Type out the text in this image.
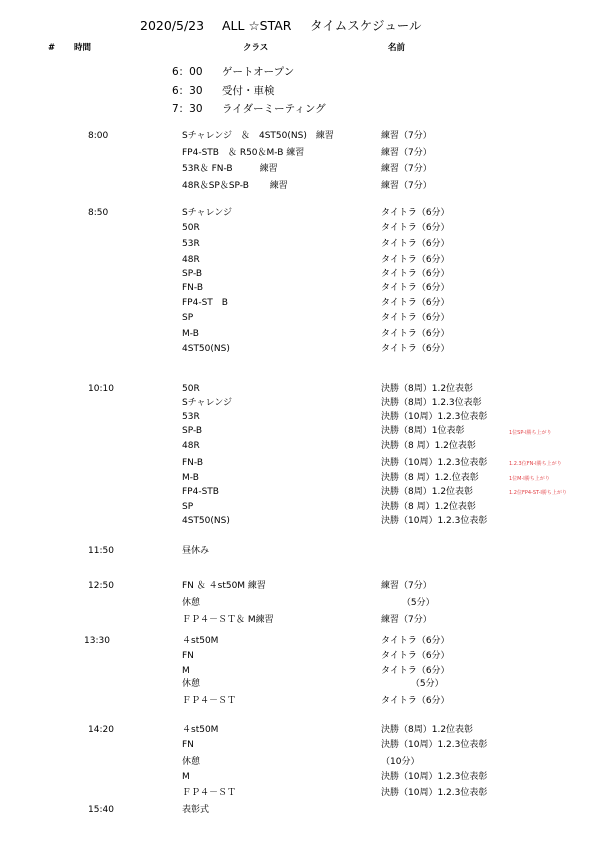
2020/5/23 ALL ☆STAR タイムスケジュール
# 時間	クラス	名前
6：00 ゲートオープン
6：30 受付・車検
7：30 ライダーミーティング
8:00	Sチャレンジ　＆　4ST50(NS)　練習	練習（7分）
FP4-STB　＆ R50＆M-B 練習	練習（7分）
53R＆ FN-B　　　練習	練習（7分）
48R＆SP＆SP-B　　 練習	練習（7分）
8:50	Sチャレンジ	タイトラ（6分）
50R	タイトラ（6分）
53R	タイトラ（6分）
48R	タイトラ（6分）
SP-B	タイトラ（6分）
FN-B	タイトラ（6分）
FP4-ST　B	タイトラ（6分）
SP	タイトラ（6分）
M-B	タイトラ（6分）
4ST50(NS)	タイトラ（6分）
10:10	50R	決勝（8周）1.2位表彰
Sチャレンジ	決勝（8周）1.2.3位表彰
53R	決勝（10周）1.2.3位表彰
SP-B	決勝（8周）1位表彰	1位SP-I勝ち上がり
48R	決勝（8 周）1.2位表彰
FN-B	決勝（10周）1.2.3位表彰	1.2.3位FN-I勝ち上がり
M-B	決勝（8 周）1.2.位表彰	1位M-I勝ち上がり
FP4-STB	決勝（8周）1.2位表彰	1.2位FP4-ST-I勝ち上がり
SP	決勝（8 周）1.2位表彰
4ST50(NS)	決勝（10周）1.2.3位表彰
11:50	昼休み
12:50	FN ＆ ４st50M 練習	練習（7分）
休憩	　　 （5分）
ＦＰ４－ＳＴ＆ M練習	練習（7分）
13:30	４st50M	タイトラ（6分）
FN	タイトラ（6分）
M	タイトラ（6分）
休憩	　　　 （5分）
ＦＰ４－ＳＴ	タイトラ（6分）
14:20	４st50M	決勝（8周）1.2位表彰
FN	決勝（10周）1.2.3位表彰
休憩	（10分）
M	決勝（10周）1.2.3位表彰
ＦＰ４－ＳＴ	決勝（10周）1.2.3位表彰
15:40	表彰式
